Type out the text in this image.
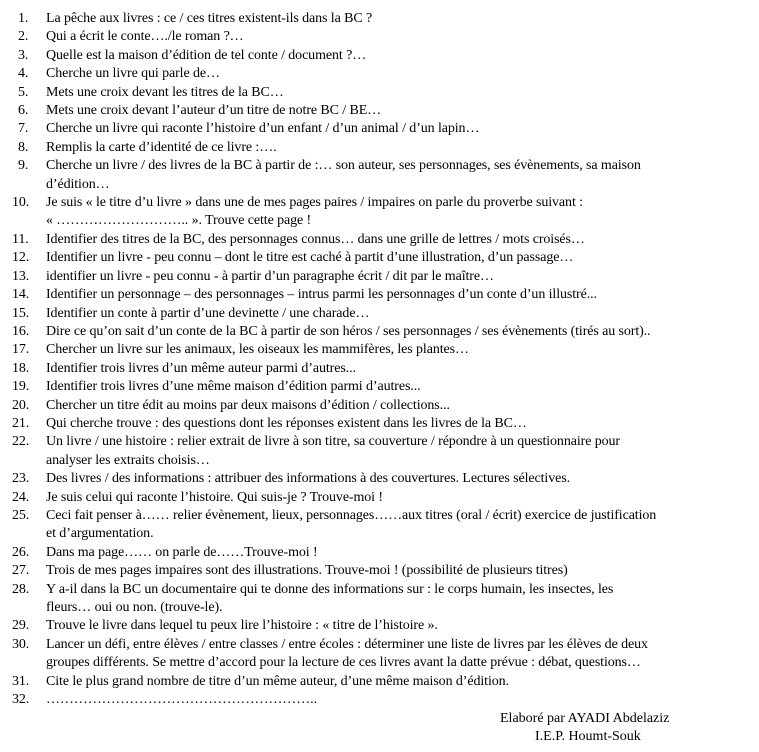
1.	La pêche aux livres : ce / ces titres existent-ils dans la BC ?
2.	Qui a écrit le conte…./le roman ?…
3.	Quelle est la maison d’édition de tel conte / document ?…
4.	Cherche un livre qui parle de…
5.	Mets une croix devant les titres de la BC…
6.	Mets une croix devant l’auteur d’un titre de notre BC / BE…
7.	Cherche un livre qui raconte l’histoire d’un enfant / d’un animal / d’un lapin…
8.	Remplis la carte d’identité de ce livre :….
9.	Cherche un livre / des livres de la BC à partir de :… son auteur, ses personnages, ses évènements, sa maison
d’édition…
10.	Je suis « le titre d’u livre » dans une de mes pages paires / impaires on parle du proverbe suivant :
« ……………………….. ». Trouve cette page !
11.	Identifier des titres de la BC, des personnages connus… dans une grille de lettres / mots croisés…
12.	Identifier un livre - peu connu – dont le titre est caché à partit d’une illustration, d’un passage…
13.	identifier un livre - peu connu - à partir d’un paragraphe écrit / dit par le maître…
14.	Identifier un personnage – des personnages – intrus parmi les personnages d’un conte d’un illustré...
15.	Identifier un conte à partir d’une devinette / une charade…
16.	Dire ce qu’on sait d’un conte de la BC à partir de son héros / ses personnages / ses évènements (tirés au sort)..
17.	Chercher un livre sur les animaux, les oiseaux les mammifères, les plantes…
18.	Identifier trois livres d’un même auteur parmi d’autres...
19.	Identifier trois livres d’une même maison d’édition parmi d’autres...
20.	Chercher un titre édit au moins par deux maisons d’édition / collections...
21.	Qui cherche trouve : des questions dont les réponses existent dans les livres de la BC…
22.	Un livre / une histoire : relier extrait de livre à son titre, sa couverture / répondre à un questionnaire pour
analyser les extraits choisis…
23.	Des livres / des informations : attribuer des informations à des couvertures. Lectures sélectives.
24.	Je suis celui qui raconte l’histoire. Qui suis-je ? Trouve-moi !
25.	Ceci fait penser à…… relier évènement, lieux, personnages……aux titres (oral / écrit) exercice de justification
et d’argumentation.
26.	Dans ma page…… on parle de……Trouve-moi !
27.	Trois de mes pages impaires sont des illustrations. Trouve-moi ! (possibilité de plusieurs titres)
28.	Y a-il dans la BC un documentaire qui te donne des informations sur : le corps humain, les insectes, les
fleurs… oui ou non. (trouve-le).
29.	Trouve le livre dans lequel tu peux lire l’histoire : « titre de l’histoire ».
30.	Lancer un défi, entre élèves / entre classes / entre écoles : déterminer une liste de livres par les élèves de deux
groupes différents. Se mettre d’accord pour la lecture de ces livres avant la datte prévue : débat, questions…
31.	Cite le plus grand nombre de titre d’un même auteur, d’une même maison d’édition.
32.	…………………………………………………..
Elaboré par AYADI Abdelaziz
I.E.P. Houmt-Souk
